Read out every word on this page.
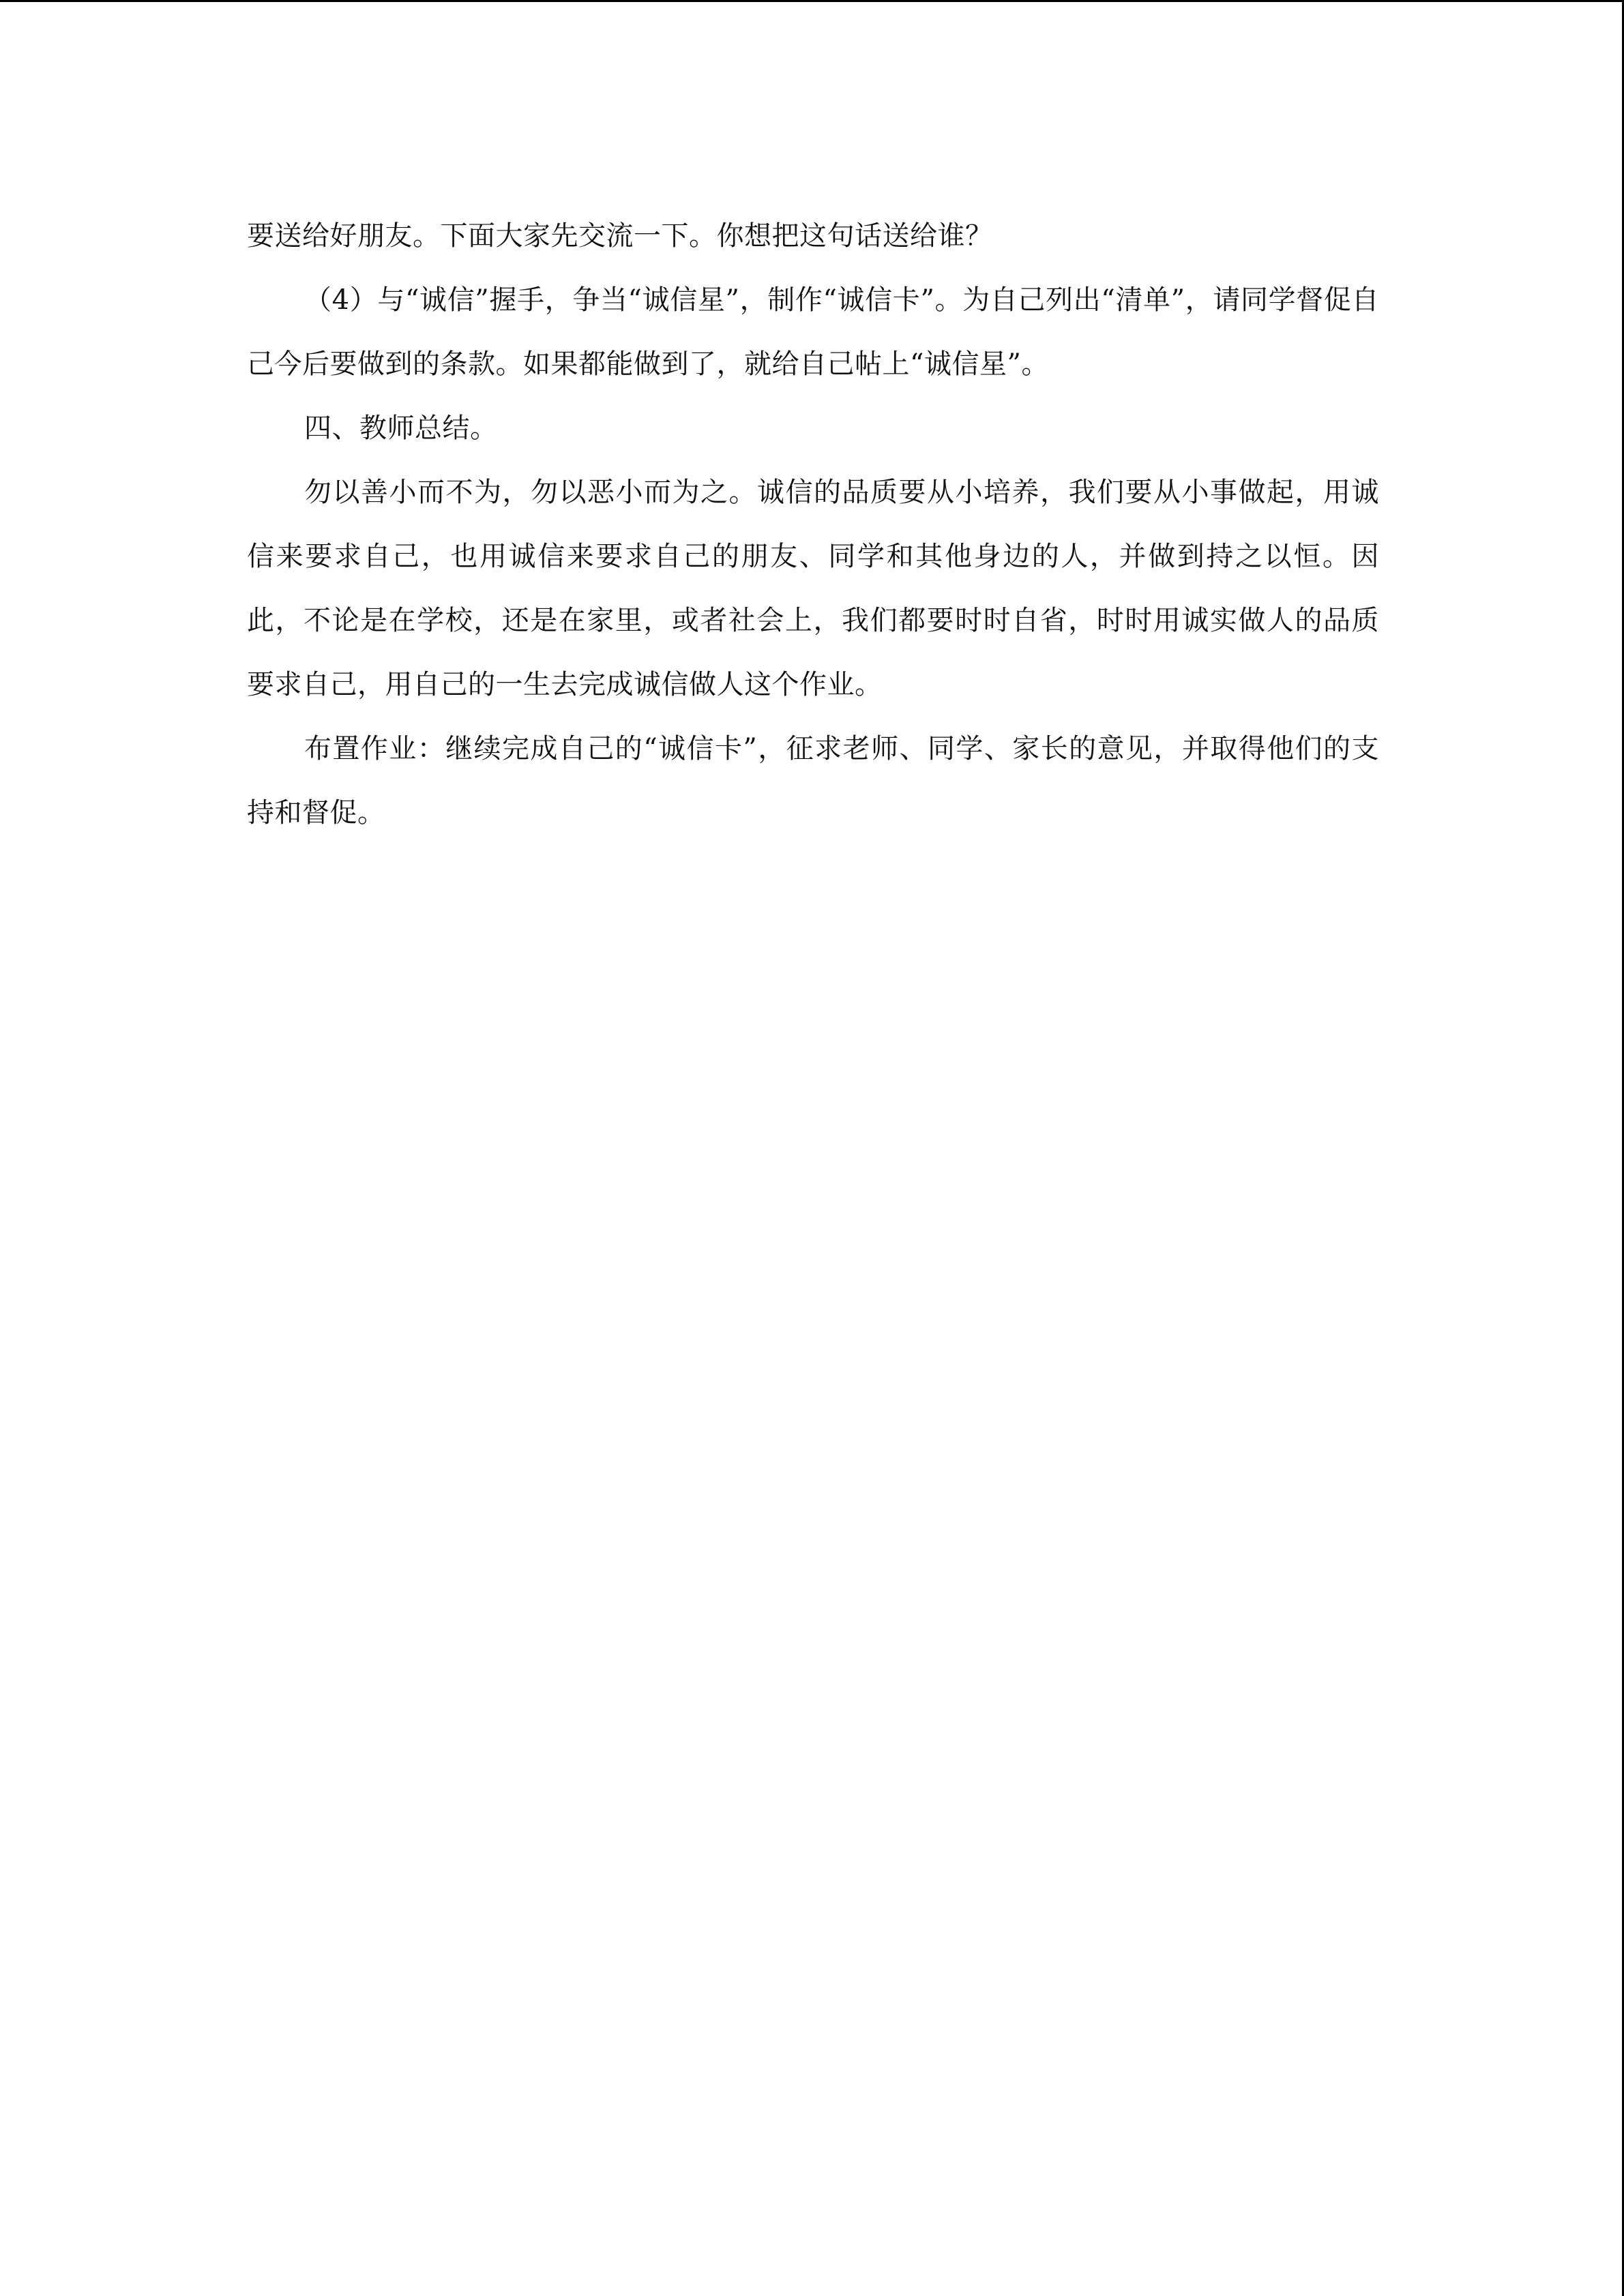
要送给好朋友。下面大家先交流一下。你想把这句话送给谁？

（4）与“诚信”握手，争当“诚信星”，制作“诚信卡”。为自己列出“清单”，请同学督促自己今后要做到的条款。如果都能做到了，就给自己帖上“诚信星”。

四、教师总结。

勿以善小而不为，勿以恶小而为之。诚信的品质要从小培养，我们要从小事做起，用诚信来要求自己，也用诚信来要求自己的朋友、同学和其他身边的人，并做到持之以恒。因此，不论是在学校，还是在家里，或者社会上，我们都要时时自省，时时用诚实做人的品质要求自己，用自己的一生去完成诚信做人这个作业。

布置作业：继续完成自己的“诚信卡”，征求老师、同学、家长的意见，并取得他们的支持和督促。
